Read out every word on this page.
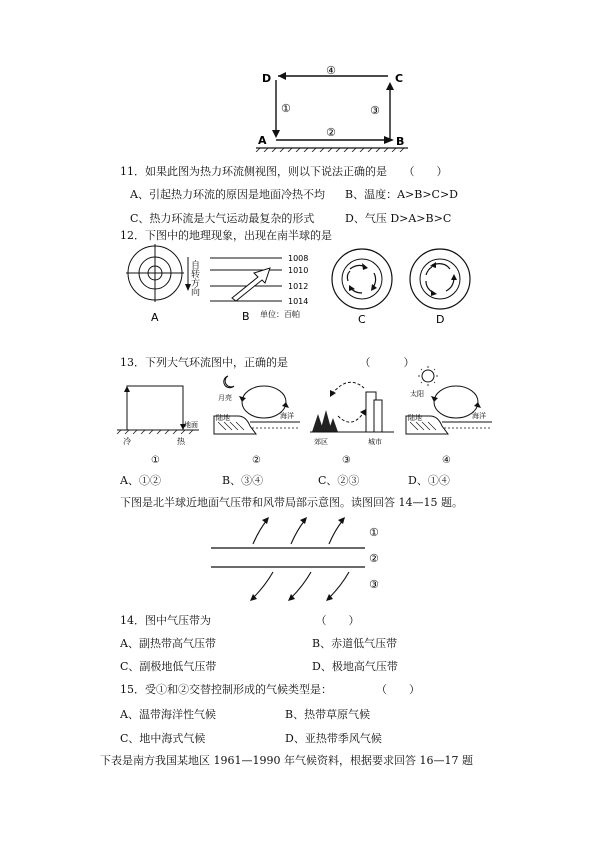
D	C
A	B
④
①	③
②
11．如果此图为热力环流侧视图，则以下说法正确的是　　（　　）
A、引起热力环流的原因是地面冷热不均 B、温度：A>B>C>D
C、热力环流是大气运动最复杂的形式	D、气压 D>A>B>C
12．下图中的地理现象，出现在南半球的是
A
自转方向
1008
1010
1012
1014
B 单位：百帕	C	D
13．下列大气环流图中，正确的是　　　　　　　（　　　）
地面
冷	热
①
月亮
陆地	海洋
②
郊区	城市
③
太阳
陆地	海洋
④
A、①②	B、③④	C、②③	D、①④
下图是北半球近地面气压带和风带局部示意图。读图回答 14—15 题。
①
②
③
14．图中气压带为　　　　　　　　　　（　　）
A、副热带高气压带	B、赤道低气压带
C、副极地低气压带	D、极地高气压带
15．受①和②交替控制形成的气候类型是：　　　　　（　　）
A、温带海洋性气候	B、热带草原气候
C、地中海式气候	D、亚热带季风气候
下表是南方我国某地区 1961—1990 年气候资料，根据要求回答 16—17 题
